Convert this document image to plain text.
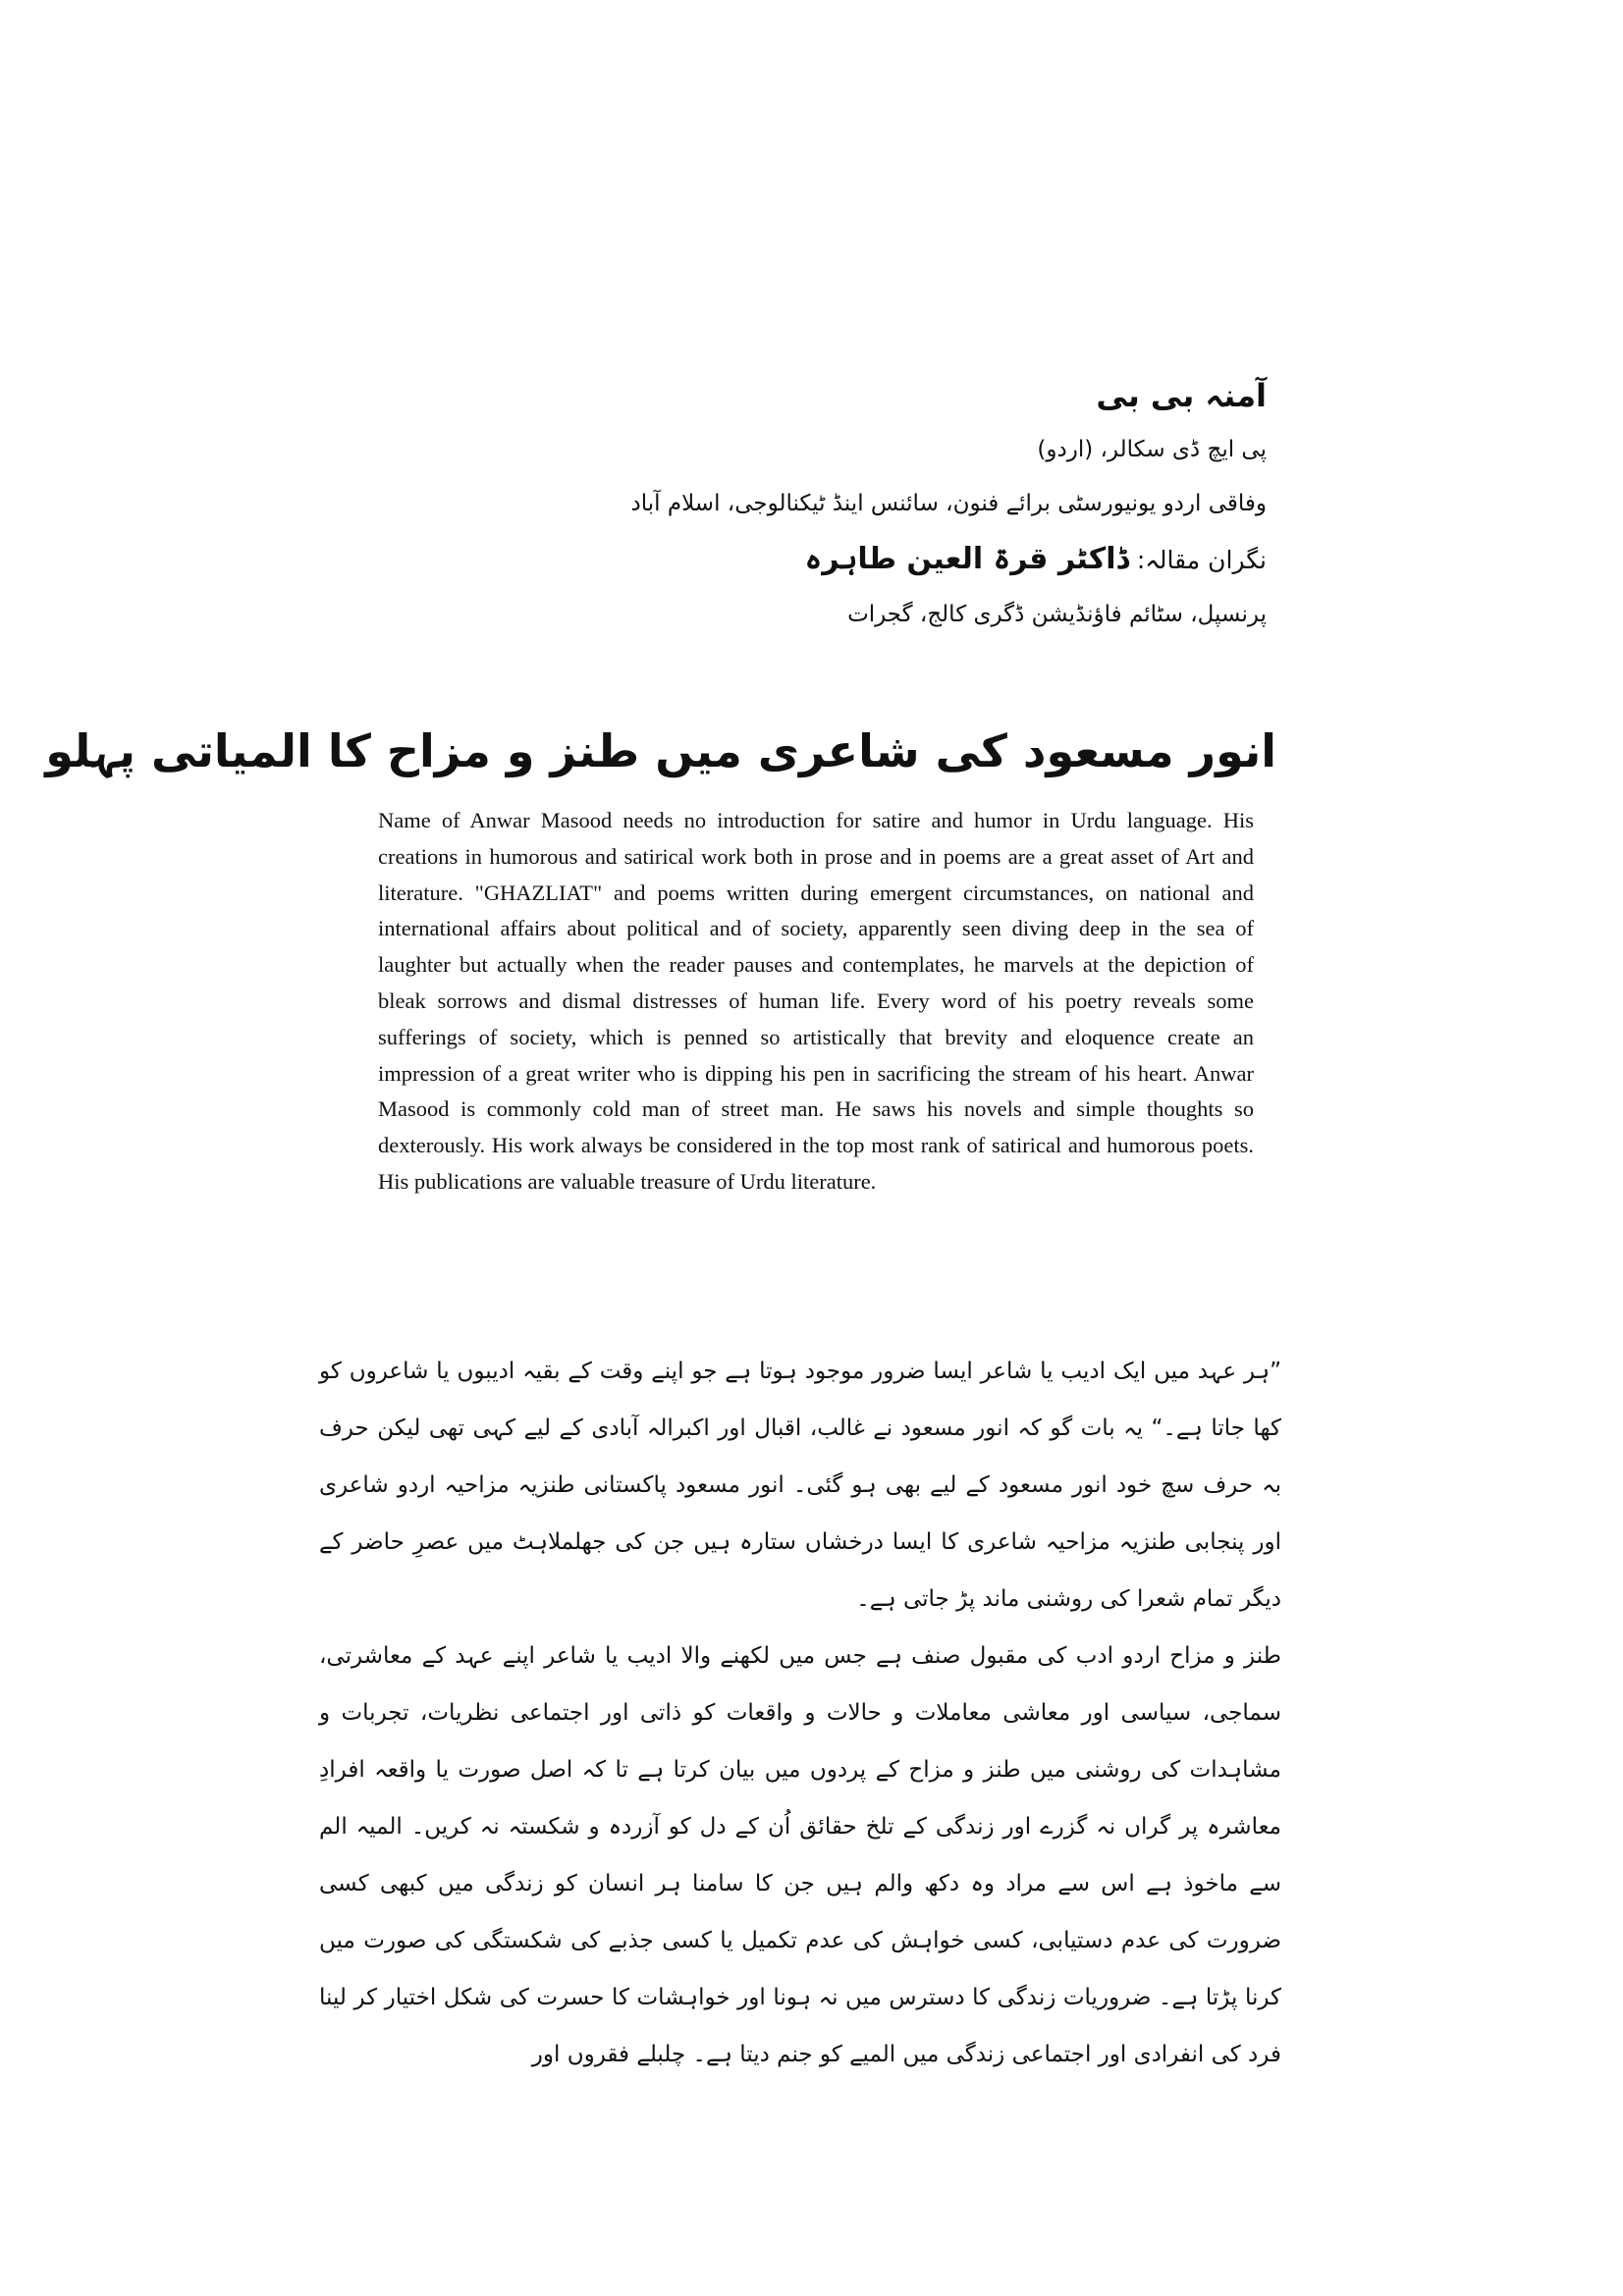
آمنہ بی بی
پی ایچ ڈی سکالر، (اردو)
وفاقی اردو یونیورسٹی برائے فنون، سائنس اینڈ ٹیکنالوجی، اسلام آباد
نگران مقالہ: ڈاکٹر قرۃ العین طاہرہ
پرنسپل، سٹائم فاؤنڈیشن ڈگری کالج، گجرات
انور مسعود کی شاعری میں طنز و مزاح کا المیاتی پہلو

Name of Anwar Masood needs no introduction for satire and humor in Urdu language. His creations in humorous and satirical work both in prose and in poems are a great asset of Art and literature. "GHAZLIAT" and poems written during emergent circumstances, on national and international affairs about political and of society, apparently seen diving deep in the sea of laughter but actually when the reader pauses and contemplates, he marvels at the depiction of bleak sorrows and dismal distresses of human life. Every word of his poetry reveals some sufferings of society, which is penned so artistically that brevity and eloquence create an impression of a great writer who is dipping his pen in sacrificing the stream of his heart. Anwar Masood is commonly cold man of street man. He saws his novels and simple thoughts so dexterously. His work always be considered in the top most rank of satirical and humorous poets. His publications are valuable treasure of Urdu literature.

”ہر عہد میں ایک ادیب یا شاعر ایسا ضرور موجود ہوتا ہے جو اپنے وقت کے بقیہ ادیبوں یا شاعروں کو کھا جاتا ہے۔“ یہ بات گو کہ انور مسعود نے غالب، اقبال اور اکبرالہ آبادی کے لیے کہی تھی لیکن حرف بہ حرف سچ خود انور مسعود کے لیے بھی ہو گئی۔ انور مسعود پاکستانی طنزیہ مزاحیہ اردو شاعری اور پنجابی طنزیہ مزاحیہ شاعری کا ایسا درخشاں ستارہ ہیں جن کی جھلملاہٹ میں عصرِ حاضر کے دیگر تمام شعرا کی روشنی ماند پڑ جاتی ہے۔

طنز و مزاح اردو ادب کی مقبول صنف ہے جس میں لکھنے والا ادیب یا شاعر اپنے عہد کے معاشرتی، سماجی، سیاسی اور معاشی معاملات و حالات و واقعات کو ذاتی اور اجتماعی نظریات، تجربات و مشاہدات کی روشنی میں طنز و مزاح کے پردوں میں بیان کرتا ہے تا کہ اصل صورت یا واقعہ افرادِ معاشرہ پر گراں نہ گزرے اور زندگی کے تلخ حقائق اُن کے دل کو آزردہ و شکستہ نہ کریں۔ المیہ الم سے ماخوذ ہے اس سے مراد وہ دکھ والم ہیں جن کا سامنا ہر انسان کو زندگی میں کبھی کسی ضرورت کی عدم دستیابی، کسی خواہش کی عدم تکمیل یا کسی جذبے کی شکستگی کی صورت میں کرنا پڑتا ہے۔ ضروریات زندگی کا دسترس میں نہ ہونا اور خواہشات کا حسرت کی شکل اختیار کر لینا فرد کی انفرادی اور اجتماعی زندگی میں المیے کو جنم دیتا ہے۔ چلبلے فقروں اور
